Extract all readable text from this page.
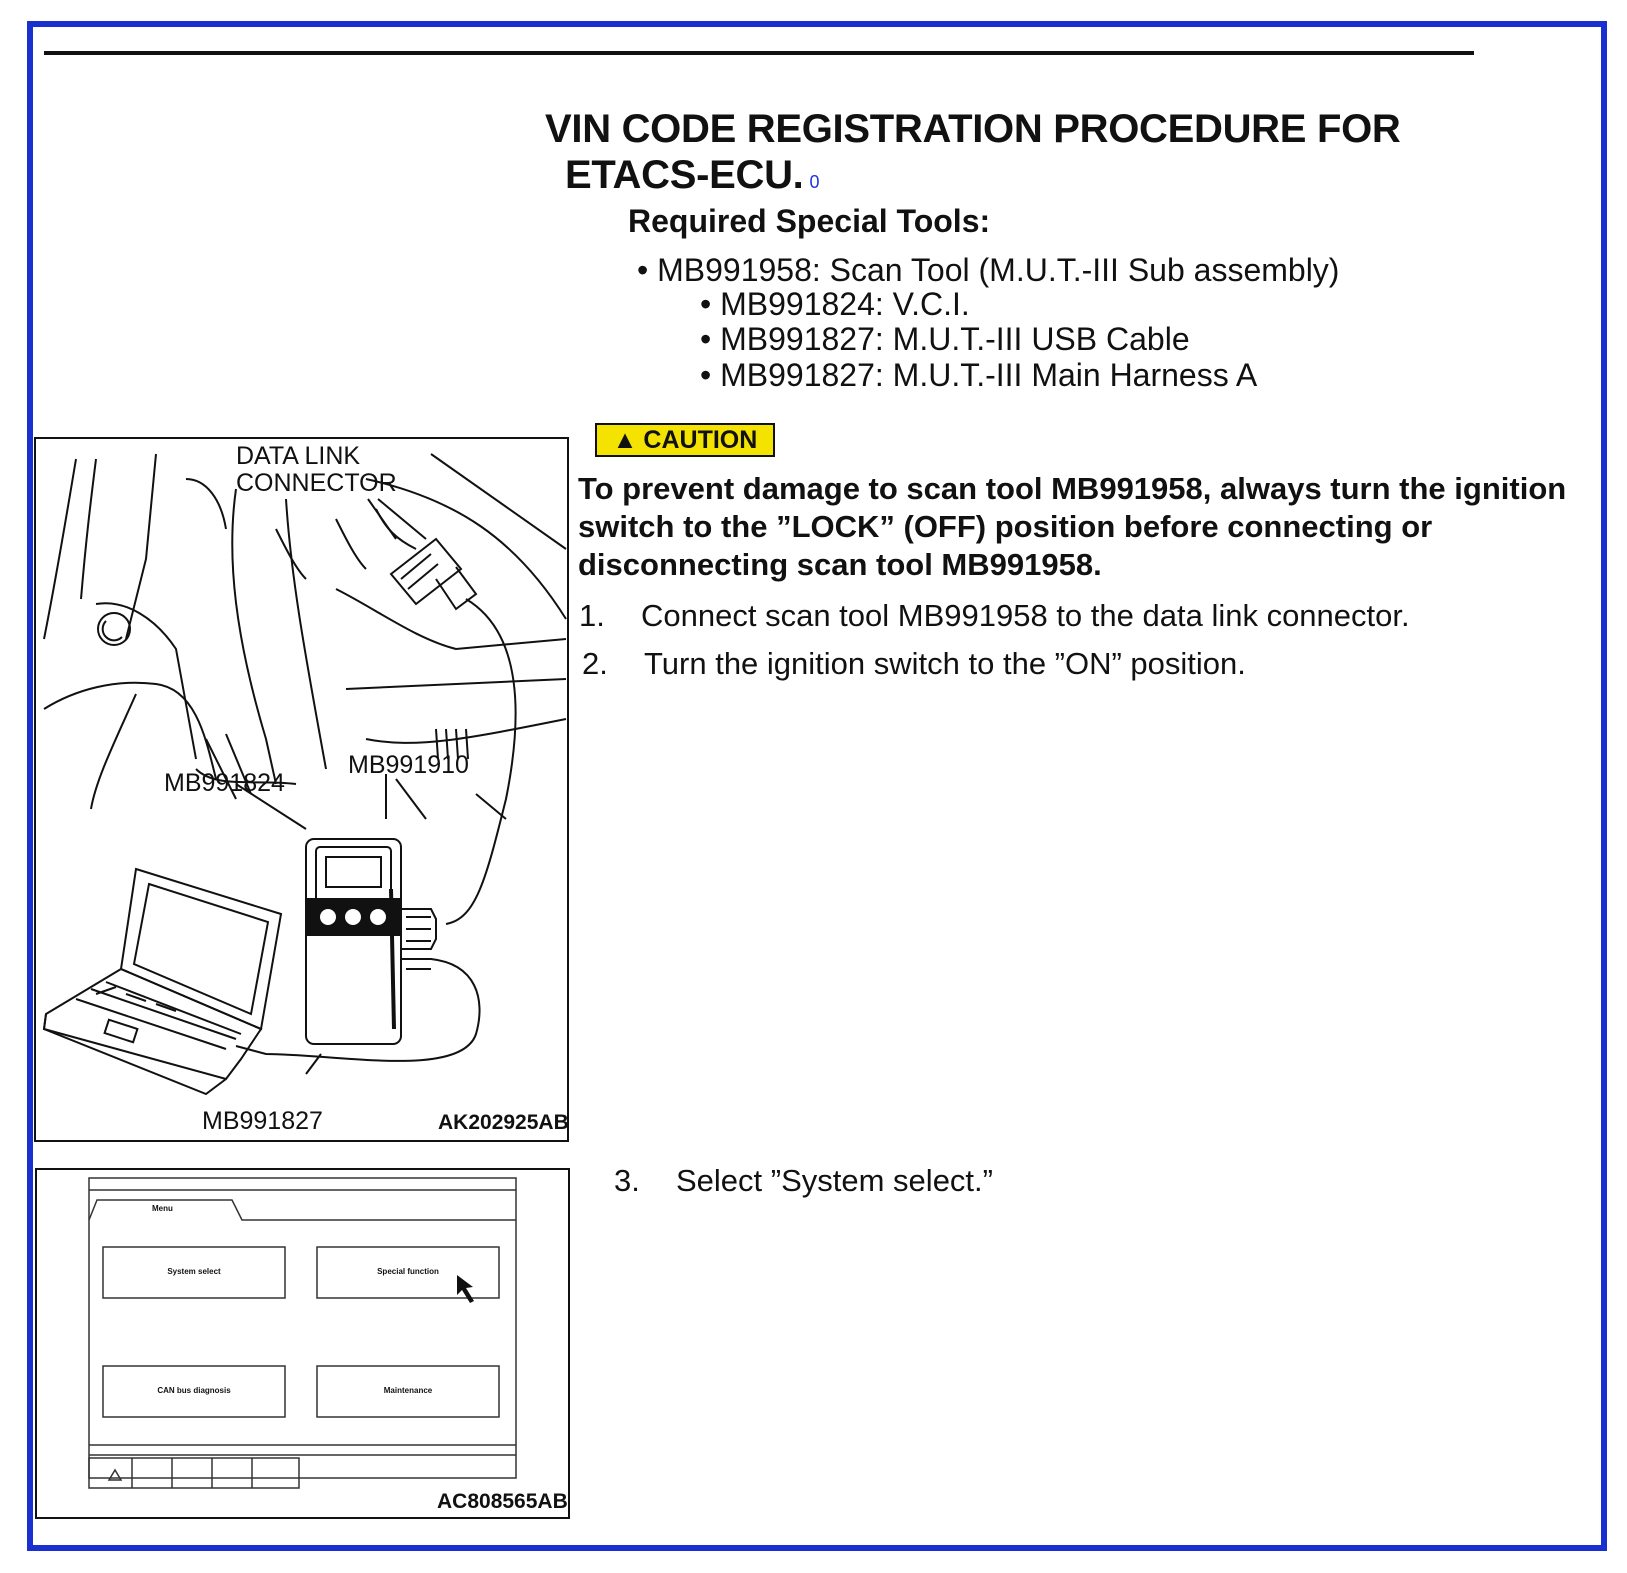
VIN CODE REGISTRATION PROCEDURE FOR
ETACS-ECU. 0
Required Special Tools:
• MB991958: Scan Tool (M.U.T.-III Sub assembly)
• MB991824: V.C.I.
• MB991827: M.U.T.-III USB Cable
• MB991827: M.U.T.-III Main Harness A
DATA LINK
CONNECTOR
MB991824
MB991910
MB991827	AK202925AB
Menu
System select	Special function
CAN bus diagnosis	Maintenance
AC808565AB
▲ CAUTION
To prevent damage to scan tool MB991958, always turn the ignition switch to the ”LOCK” (OFF) position before connecting or disconnecting scan tool MB991958.
1. Connect scan tool MB991958 to the data link connector.
2. Turn the ignition switch to the ”ON” position.
3. Select ”System select.”
